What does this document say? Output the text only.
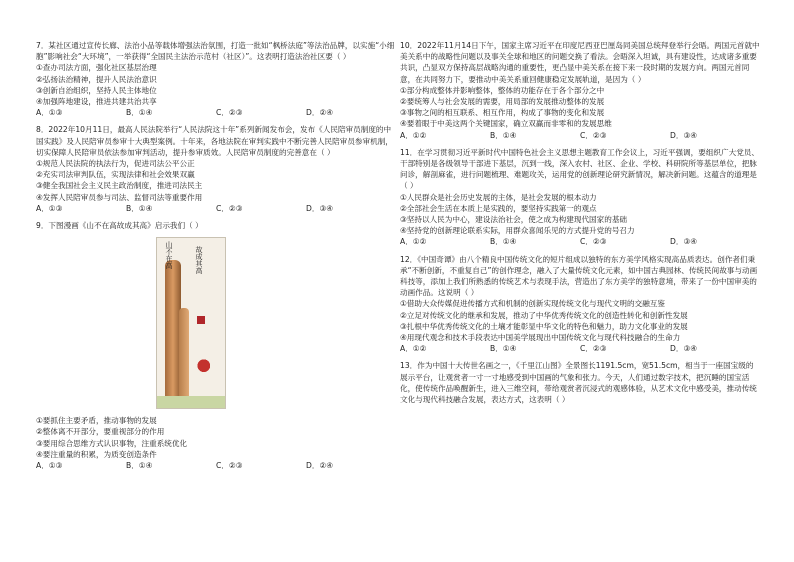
7．某社区通过宣传长廊、法治小品等载体增强法治氛围，打造一批如“枫桥法庭”等法治品牌，以实施“小细胞”影响社会“大环境”，一举获得“全国民主法治示范村（社区）”。这表明打造法治社区要（ ）

①查办司法方面，强化社区基层治理

②弘扬法治精神，提升人民法治意识

③创新自治组织，坚持人民主体地位

④加强阵地建设，推进共建共治共享

A．①③	B．①④	C．②③	D．②④

8．2022年10月11日，最高人民法院举行“人民法院这十年”系列新闻发布会，发布《人民陪审员制度的中国实践》及人民陪审员参审十大典型案例。十年来，各地法院在审判实践中不断完善人民陪审员参审机制，切实保障人民陪审员依法参加审判活动，提升参审质效。人民陪审员制度的完善意在（ ）

①规范人民法院的执法行为，促进司法公平公正

②充实司法审判队伍，实现法律和社会效果双赢

③健全我国社会主义民主政治制度，推进司法民主

④发挥人民陪审员参与司法、监督司法等重要作用

A．①③	B．①④	C．②③	D．③④

9．下图漫画《山不在高故成其高》启示我们（ ）

山不在高	故成其高

①要抓住主要矛盾，推动事物的发展

②整体离不开部分，要重视部分的作用

③要用综合思维方式认识事物，注重系统优化

④要注重量的积累，为质变创造条件

A．①③	B．①④	C．②③	D．②④

10．2022年11月14日下午，国家主席习近平在印度尼西亚巴厘岛同美国总统拜登举行会晤。两国元首就中美关系中的战略性问题以及事关全球和地区的问题交换了看法。会晤深入坦诚，具有建设性，达成诸多重要共识，凸显双方保持高层战略沟通的重要性，更凸显中美关系在接下来一段时期的发展方向。两国元首同意，在共同努力下，要推动中美关系重回健康稳定发展轨道，是因为（ ）

①部分构成整体并影响整体，整体的功能存在于各个部分之中

②要统筹人与社会发展的需要，用局部的发展推动整体的发展

③事物之间的相互联系、相互作用，构成了事物的变化和发展

④要着眼于中美这两个关键国家，确立双赢而非零和的发展思维

A．①②	B．①④	C．②③	D．③④

11．在学习贯彻习近平新时代中国特色社会主义思想主题教育工作会议上，习近平强调，要组织广大党员、干部特别是各级领导干部进下基层，沉到一线，深入农村、社区、企业、学校、科研院所等基层单位，把脉问诊，解剖麻雀，进行问题梳理、难题攻关，运用党的创新理论研究新情况，解决新问题。这蕴含的道理是（ ）

①人民群众是社会历史发展的主体，是社会发展的根本动力

②全部社会生活在本质上是实践的，要坚持实践第一的观点

③坚持以人民为中心，建设法治社会，使之成为构建现代国家的基础

④坚持党的创新理论联系实际，用群众喜闻乐见的方式提升党的号召力

A．①②	B．①④	C．②③	D．③④

12．《中国奇谭》由八个精良中国传统文化的短片组成以独特的东方美学风格实现高品质表达。创作者们秉承“不断创新，不重复自己”的创作理念，融入了大量传统文化元素，如中国古典园林、传统民间故事与动画科技等，添加上我们所熟悉的传统艺术与表现手法，营造出了东方美学的独特意境，带来了一份中国审美的动画作品。这说明（ ）

①借助大众传媒促进传播方式和机制的创新实现传统文化与现代文明的交融互鉴

②立足对传统文化的继承和发展，推动了中华优秀传统文化的创造性转化和创新性发展

③扎根中华优秀传统文化的土壤才能彰显中华文化的特色和魅力，助力文化事业的发展

④用现代观念和技术手段表达中国美学展现出中国传统文化与现代科技融合的生命力

A．①②	B．①④	C．②③	D．③④

13．作为中国十大传世名画之一，《千里江山图》全景图长1191.5cm，宽51.5cm，相当于一座国宝级的展示平台，让观赏者一寸一寸地感受到中国画的气象和张力。今天，人们通过数字技术，把沉睡的国宝活化，使传统作品唤醒新生，进入三维空间，带给观赏者沉浸式的观感体验，从艺术文化中感受美，推动传统文化与现代科技融合发展，表达方式，这表明（ ）
